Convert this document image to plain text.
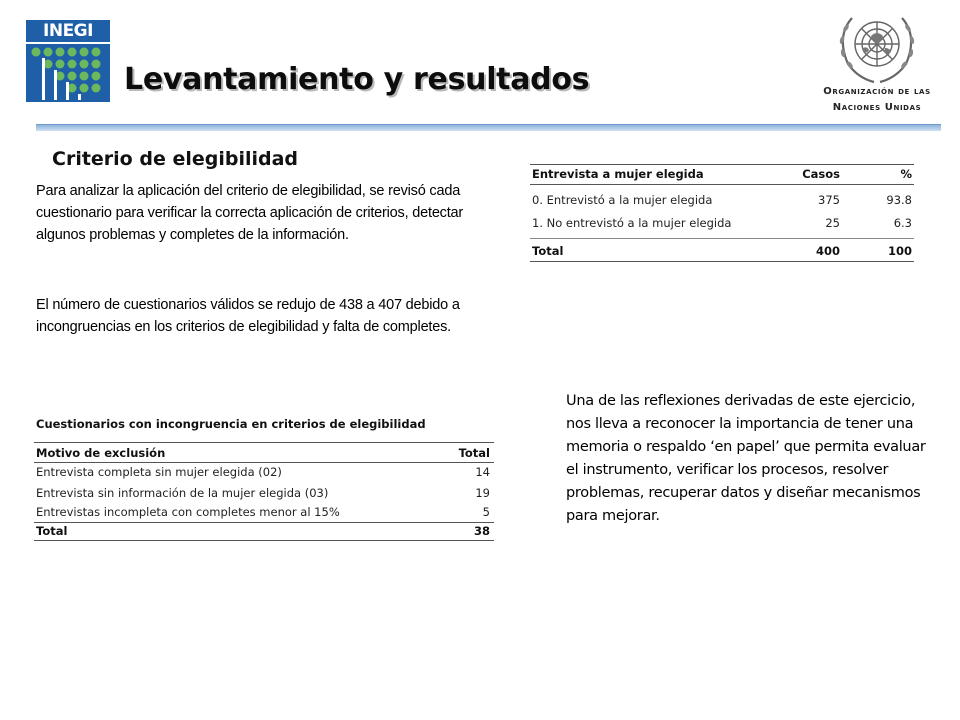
INEGI
Levantamiento y resultados	Organización de las
Naciones Unidas
Criterio de elegibilidad
Para analizar la aplicación del criterio de elegibilidad, se revisó cada cuestionario para verificar la correcta aplicación de criterios, detectar algunos problemas y completes de la información.
El número de cuestionarios válidos se redujo de 438 a 407 debido a incongruencias en los criterios de elegibilidad y falta de completes.
Entrevista a mujer elegida	Casos	%
0. Entrevistó a la mujer elegida	375	93.8
1. No entrevistó a la mujer elegida	25	6.3
Total	400	100
Cuestionarios con incongruencia en criterios de elegibilidad
Motivo de exclusión	Total
Entrevista completa sin mujer elegida (02)	14
Entrevista sin información de la mujer elegida (03)	19
Entrevistas incompleta con completes menor al 15%	5
Total	38
Una de las reflexiones derivadas de este ejercicio, nos lleva a reconocer la importancia de tener una memoria o respaldo ‘en papel’ que permita evaluar el instrumento, verificar los procesos, resolver problemas, recuperar datos y diseñar mecanismos para mejorar.
